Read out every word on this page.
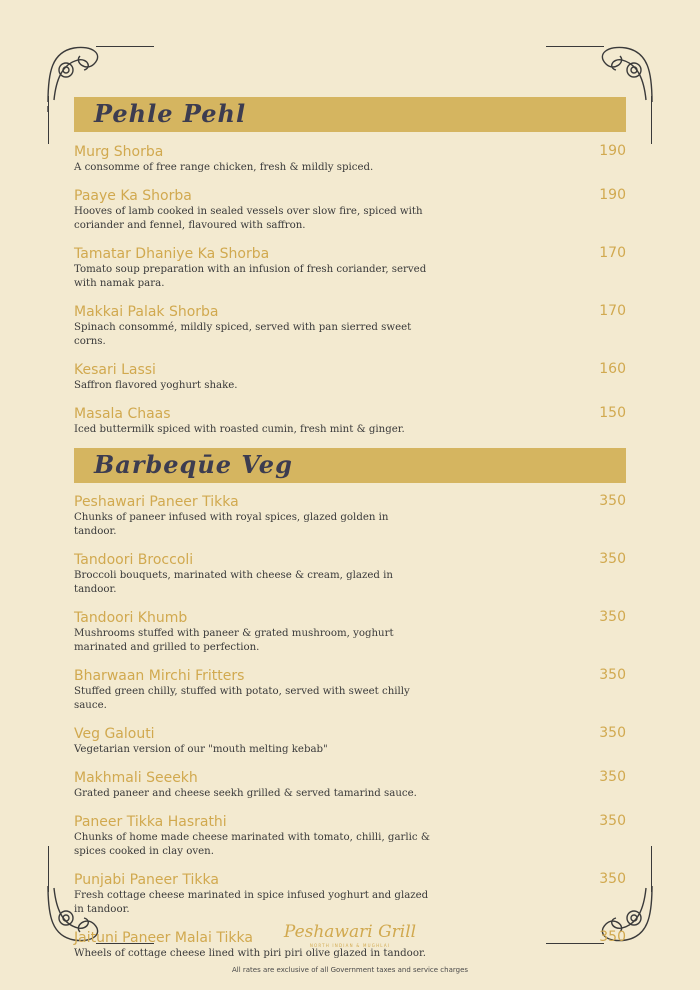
Pehle Pehl
Murg Shorba
A consomme of free range chicken, fresh & mildly spiced.
190
Paaye Ka Shorba
Hooves of lamb cooked in sealed vessels over slow fire, spiced with coriander and fennel, flavoured with saffron.
190
Tamatar Dhaniye Ka Shorba
Tomato soup preparation with an infusion of fresh coriander, served with namak para.
170
Makkai Palak Shorba
Spinach consommé, mildly spiced, served with pan sierred sweet corns.
170
Kesari Lassi
Saffron flavored yoghurt shake.
160
Masala Chaas
Iced buttermilk spiced with roasted cumin, fresh mint & ginger.
150
Barbeqūe Veg
Peshawari Paneer Tikka
Chunks of paneer infused with royal spices, glazed golden in tandoor.
350
Tandoori Broccoli
Broccoli bouquets, marinated with cheese & cream, glazed in tandoor.
350
Tandoori Khumb
Mushrooms stuffed with paneer & grated mushroom, yoghurt marinated and grilled to perfection.
350
Bharwaan Mirchi Fritters
Stuffed green chilly, stuffed with potato, served with sweet chilly sauce.
350
Veg Galouti
Vegetarian version of our "mouth melting kebab"
350
Makhmali Seeekh
Grated paneer and cheese seekh grilled & served tamarind sauce.
350
Paneer Tikka Hasrathi
Chunks of home made cheese marinated with tomato, chilli, garlic & spices cooked in clay oven.
350
Punjabi Paneer Tikka
Fresh cottage cheese marinated in spice infused yoghurt and glazed in tandoor.
350
Jaituni Paneer Malai Tikka
Wheels of cottage cheese lined with piri piri olive glazed in tandoor.
350
Peshawari Grill
NORTH INDIAN & MUGHLAI
All rates are exclusive of all Government taxes and service charges
